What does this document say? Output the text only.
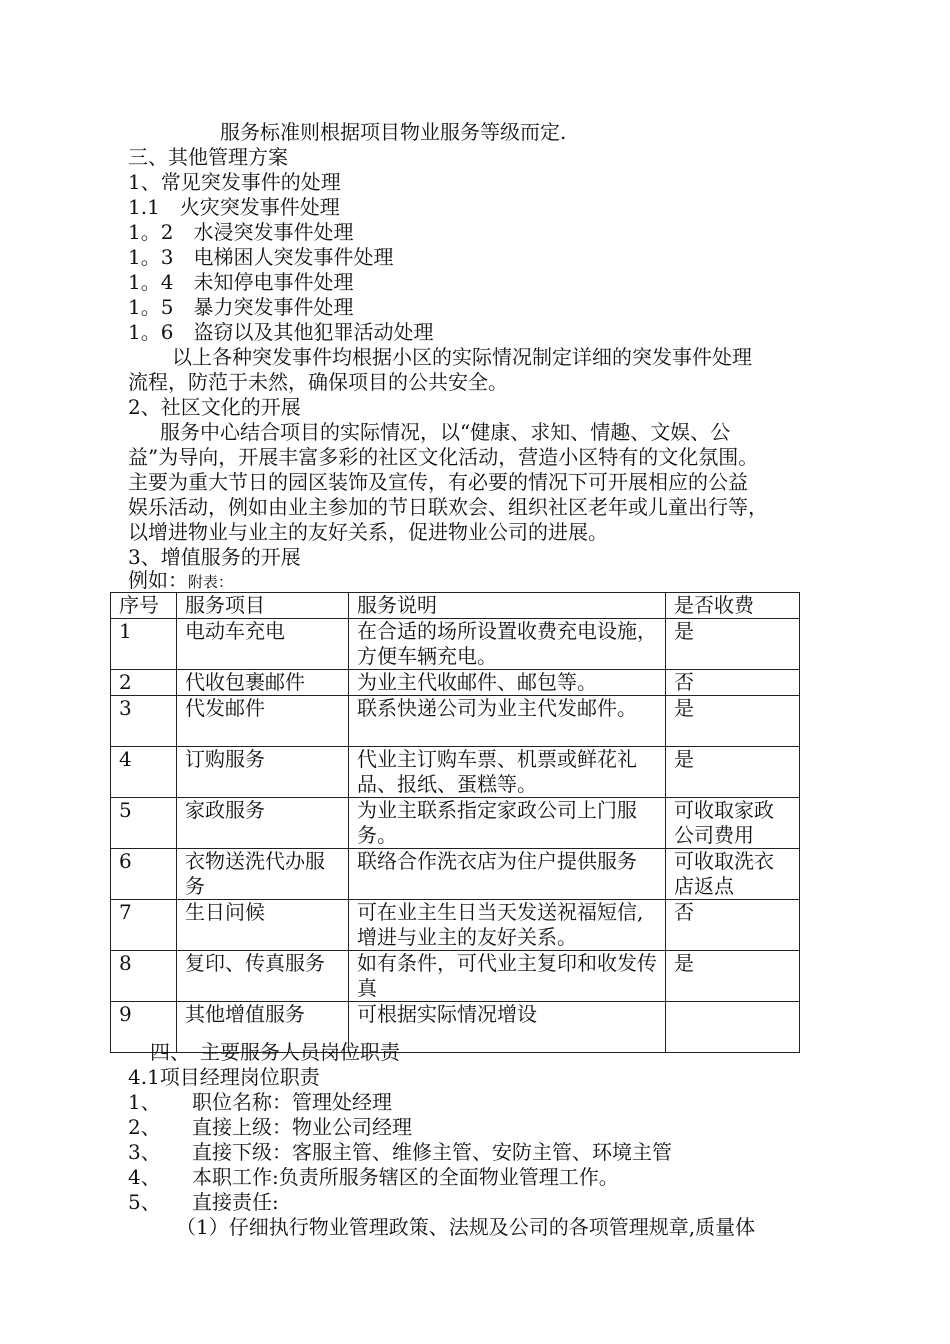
服务标准则根据项目物业服务等级而定.
三、其他管理方案
1、常见突发事件的处理
1.1　火灾突发事件处理
1。2　水浸突发事件处理
1。3　电梯困人突发事件处理
1。4　未知停电事件处理
1。5　暴力突发事件处理
1。6　盗窃以及其他犯罪活动处理
以上各种突发事件均根据小区的实际情况制定详细的突发事件处理
流程，防范于未然，确保项目的公共安全。
2、社区文化的开展
服务中心结合项目的实际情况，以“健康、求知、情趣、文娱、公
益”为导向，开展丰富多彩的社区文化活动，营造小区特有的文化氛围。
主要为重大节日的园区装饰及宣传，有必要的情况下可开展相应的公益
娱乐活动，例如由业主参加的节日联欢会、组织社区老年或儿童出行等，
以增进物业与业主的友好关系，促进物业公司的进展。
3、增值服务的开展
例如：附表：
序号	服务项目	服务说明	是否收费
1	电动车充电	在合适的场所设置收费充电设施，方便车辆充电。	是
2	代收包裹邮件	为业主代收邮件、邮包等。	否
3	代发邮件	联系快递公司为业主代发邮件。	是
4	订购服务	代业主订购车票、机票或鲜花礼品、报纸、蛋糕等。	是
5	家政服务	为业主联系指定家政公司上门服务。	可收取家政公司费用
6	衣物送洗代办服务	联络合作洗衣店为住户提供服务	可收取洗衣店返点
7	生日问候	可在业主生日当天发送祝福短信,增进与业主的友好关系。	否
8	复印、传真服务	如有条件，可代业主复印和收发传真	是
9	其他增值服务	可根据实际情况增设	
四、　主要服务人员岗位职责
4.1项目经理岗位职责
1、 职位名称：管理处经理
2、 直接上级：物业公司经理
3、 直接下级：客服主管、维修主管、安防主管、环境主管
4、 本职工作:负责所服务辖区的全面物业管理工作。
5、 直接责任:
（1）仔细执行物业管理政策、法规及公司的各项管理规章,质量体
